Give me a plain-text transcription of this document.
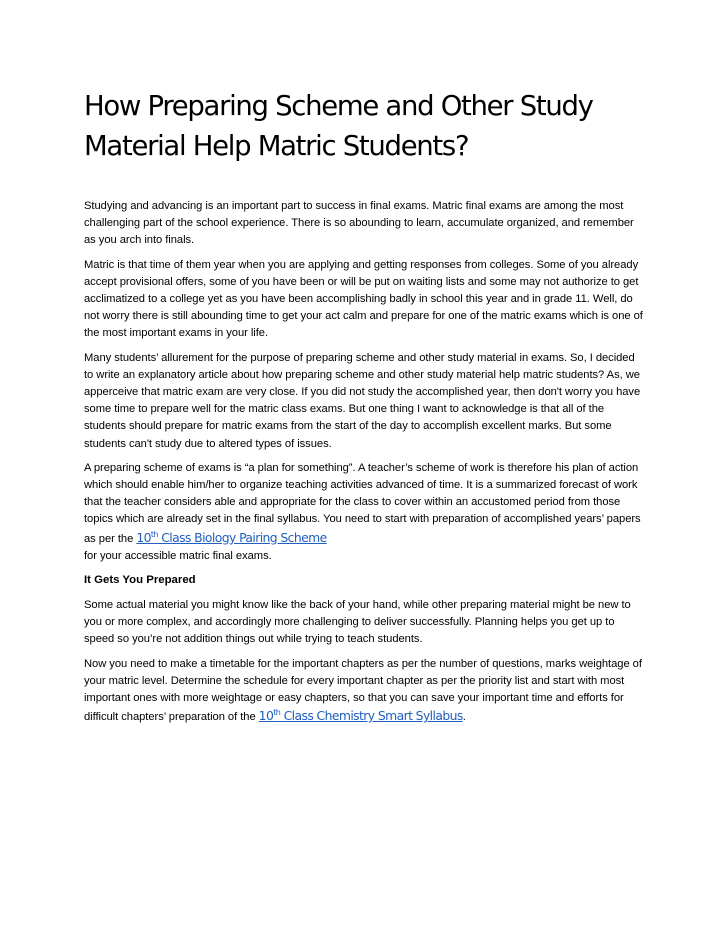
How Preparing Scheme and Other Study
Material Help Matric Students?

Studying and advancing is an important part to success in final exams. Matric final exams are among the most challenging part of the school experience. There is so abounding to learn, accumulate organized, and remember as you arch into finals.

Matric is that time of them year when you are applying and getting responses from colleges. Some of you already accept provisional offers, some of you have been or will be put on waiting lists and some may not authorize to get acclimatized to a college yet as you have been accomplishing badly in school this year and in grade 11. Well, do not worry there is still abounding time to get your act calm and prepare for one of the matric exams which is one of the most important exams in your life.

Many students’ allurement for the purpose of preparing scheme and other study material in exams. So, I decided to write an explanatory article about how preparing scheme and other study material help matric students? As, we apperceive that matric exam are very close. If you did not study the accomplished year, then don't worry you have some time to prepare well for the matric class exams. But one thing I want to acknowledge is that all of the students should prepare for matric exams from the start of the day to accomplish excellent marks. But some students can't study due to altered types of issues.

A preparing scheme of exams is “a plan for something”. A teacher’s scheme of work is therefore his plan of action which should enable him/her to organize teaching activities advanced of time. It is a summarized forecast of work that the teacher considers able and appropriate for the class to cover within an accustomed period from those topics which are already set in the final syllabus. You need to start with preparation of accomplished years’ papers as per the 10th Class Biology Pairing Scheme
for your accessible matric final exams.

It Gets You Prepared

Some actual material you might know like the back of your hand, while other preparing material might be new to you or more complex, and accordingly more challenging to deliver successfully. Planning helps you get up to speed so you’re not addition things out while trying to teach students.

Now you need to make a timetable for the important chapters as per the number of questions, marks weightage of your matric level. Determine the schedule for every important chapter as per the priority list and start with most important ones with more weightage or easy chapters, so that you can save your important time and efforts for difficult chapters’ preparation of the 10th Class Chemistry Smart Syllabus.
